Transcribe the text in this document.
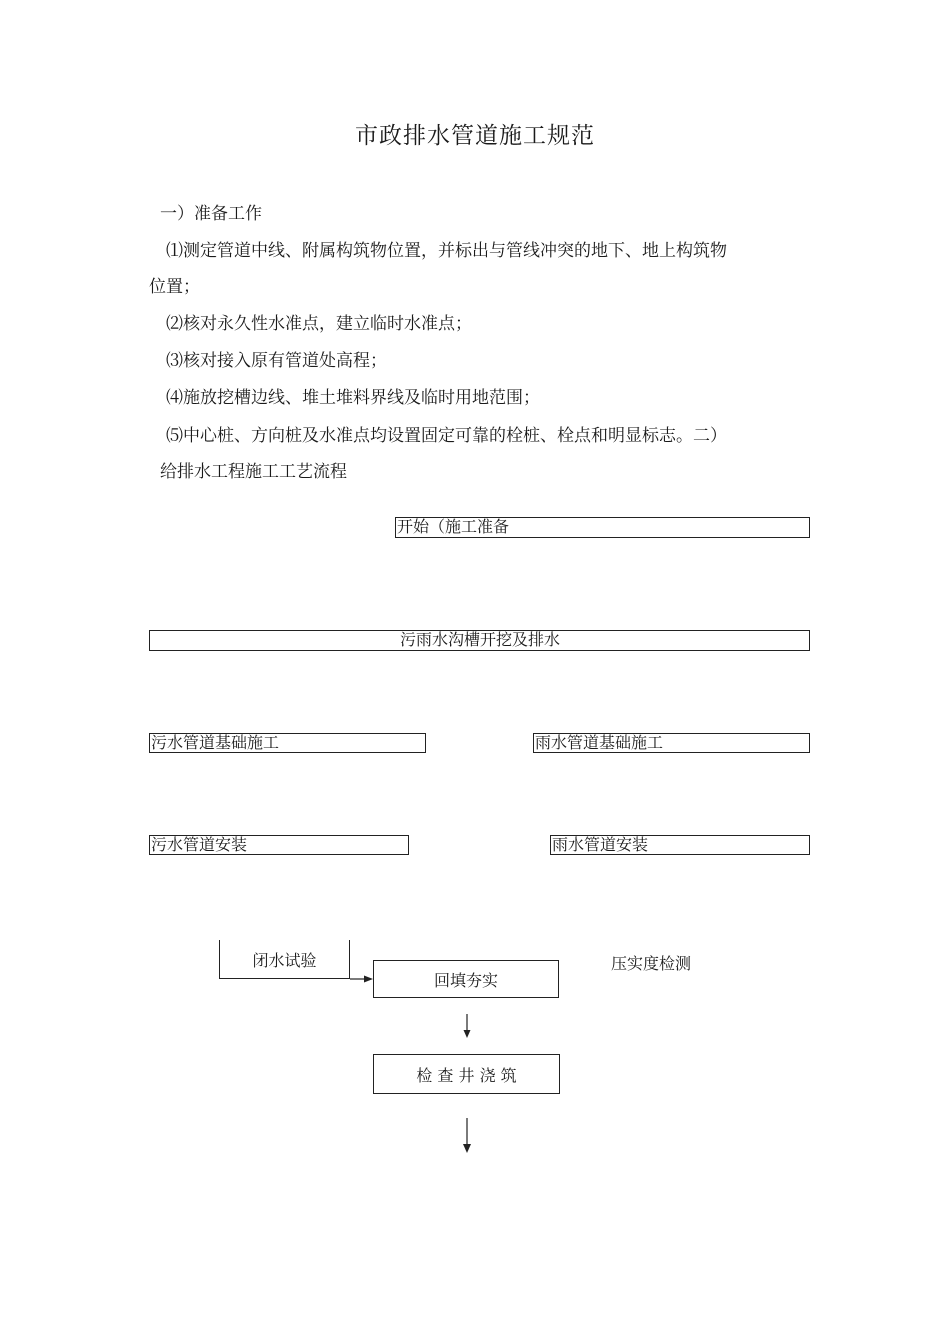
市政排水管道施工规范
一）准备工作
⑴测定管道中线、附属构筑物位置，并标出与管线冲突的地下、地上构筑物
位置；
⑵核对永久性水准点，建立临时水准点；
⑶核对接入原有管道处高程；
⑷施放挖槽边线、堆土堆料界线及临时用地范围；
⑸中心桩、方向桩及水准点均设置固定可靠的栓桩、栓点和明显标志。二）
给排水工程施工工艺流程
开始（施工准备
污雨水沟槽开挖及排水
污水管道基础施工	雨水管道基础施工
污水管道安装	雨水管道安装
闭水试验
回填夯实
压实度检测
检 查 井 浇 筑
